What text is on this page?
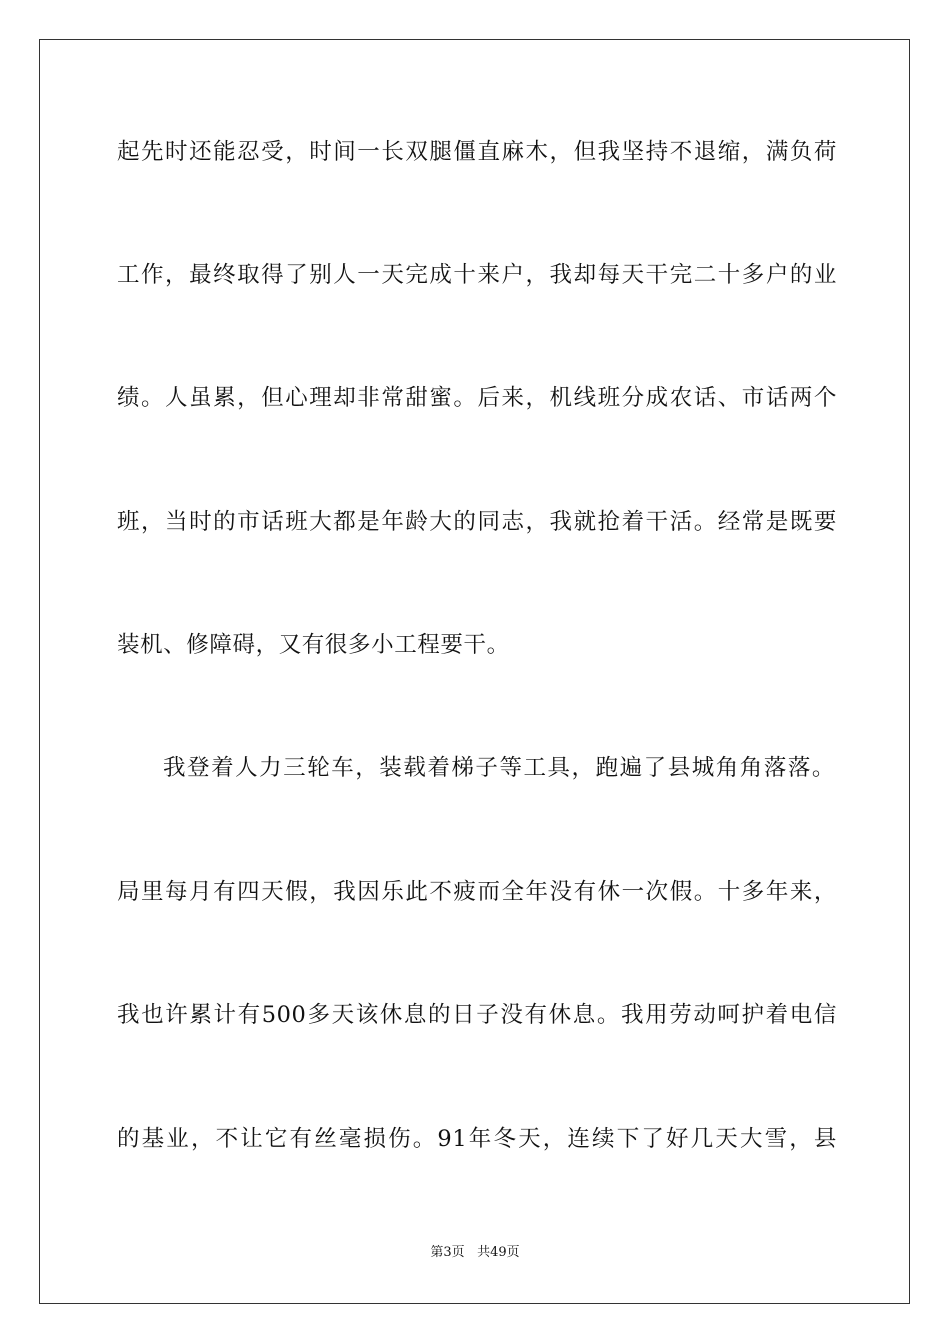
起先时还能忍受，时间一长双腿僵直麻木，但我坚持不退缩，满负荷
工作，最终取得了别人一天完成十来户，我却每天干完二十多户的业
绩。人虽累，但心理却非常甜蜜。后来，机线班分成农话、市话两个
班，当时的市话班大都是年龄大的同志，我就抢着干活。经常是既要
装机、修障碍，又有很多小工程要干。
我登着人力三轮车，装载着梯子等工具，跑遍了县城角角落落。
局里每月有四天假，我因乐此不疲而全年没有休一次假。十多年来，
我也许累计有500多天该休息的日子没有休息。我用劳动呵护着电信
的基业，不让它有丝毫损伤。91年冬天，连续下了好几天大雪，县
第3页 共49页
